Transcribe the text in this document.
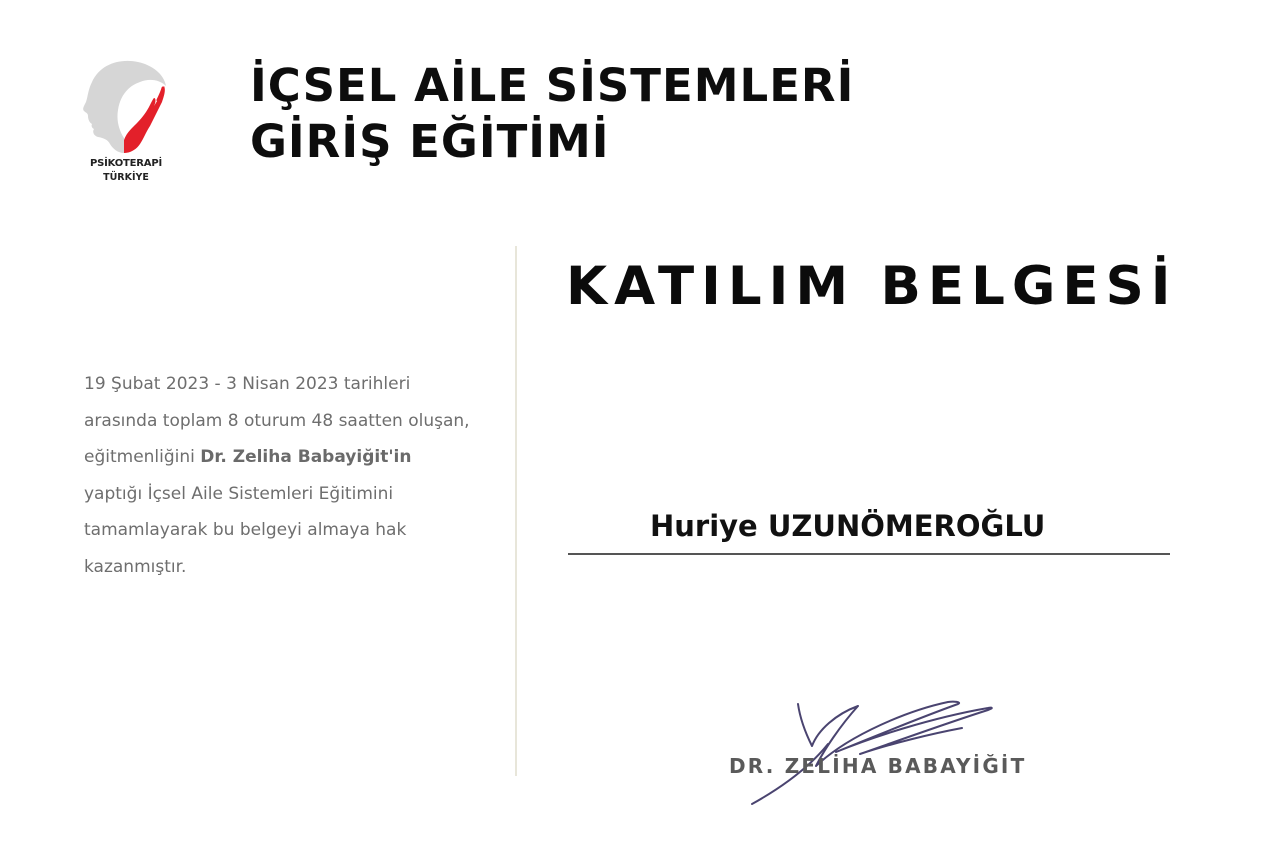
PSİKOTERAPİ
TÜRKİYE
İÇSEL AİLE SİSTEMLERİ
GİRİŞ EĞİTİMİ
KATILIM BELGESİ
19 Şubat 2023 - 3 Nisan 2023 tarihleri arasında toplam 8 oturum 48 saatten oluşan, eğitmenliğini Dr. Zeliha Babayiğit'in yaptığı İçsel Aile Sistemleri Eğitimini tamamlayarak bu belgeyi almaya hak kazanmıştır.
Huriye UZUNÖMEROĞLU
DR. ZELİHA BABAYİĞİT
